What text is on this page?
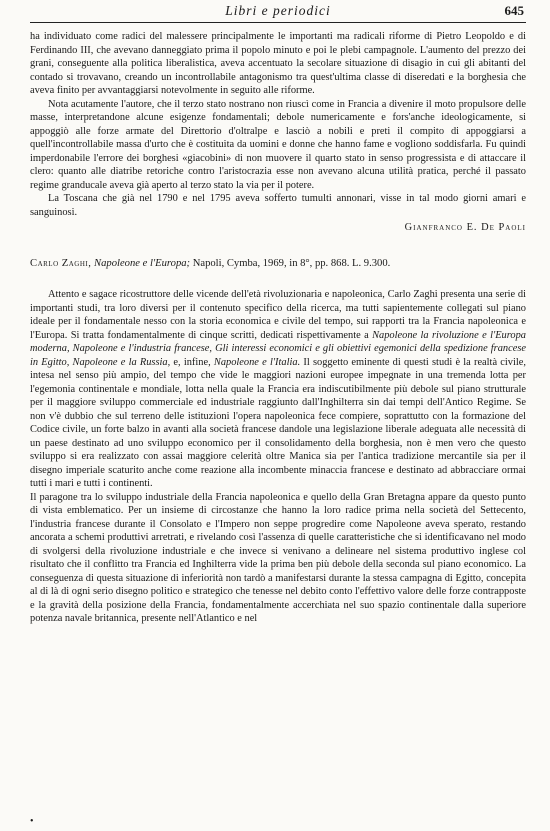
Libri e periodici	645

ha individuato come radici del malessere principalmente le importanti ma radicali riforme di Pietro Leopoldo e di Ferdinando III, che avevano danneggiato prima il popolo minuto e poi le plebi campagnole. L'aumento del prezzo dei grani, conseguente alla politica liberalistica, aveva accentuato la secolare situazione di disagio in cui gli abitanti del contado si trovavano, creando un incontrollabile antagonismo tra quest'ultima classe di diseredati e la borghesia che aveva finito per avvantaggiarsi notevolmente in seguito alle riforme.

Nota acutamente l'autore, che il terzo stato nostrano non riuscì come in Francia a divenire il moto propulsore delle masse, interpretandone alcune esigenze fondamentali; debole numericamente e fors'anche ideologicamente, si appoggiò alle forze armate del Direttorio d'oltralpe e lasciò a nobili e preti il compito di appoggiarsi a quell'incontrollabile massa d'urto che è costituita da uomini e donne che hanno fame e vogliono soddisfarla. Fu quindi imperdonabile l'errore dei borghesi «giacobini» di non muovere il quarto stato in senso progressista e di attaccare il clero: quanto alle diatribe retoriche contro l'aristocrazia esse non avevano alcuna utilità pratica, perché il passato regime granducale aveva già aperto al terzo stato la via per il potere.

La Toscana che già nel 1790 e nel 1795 aveva sofferto tumulti annonari, visse in tal modo giorni amari e sanguinosi.

Gianfranco E. De Paoli
Carlo Zaghi, Napoleone e l'Europa; Napoli, Cymba, 1969, in 8°, pp. 868. L. 9.300.

Attento e sagace ricostruttore delle vicende dell'età rivoluzionaria e napoleonica, Carlo Zaghi presenta una serie di importanti studi, tra loro diversi per il contenuto specifico della ricerca, ma tutti sapientemente collegati sul piano ideale per il fondamentale nesso con la storia economica e civile del tempo, sui rapporti tra la Francia napoleonica e l'Europa. Si tratta fondamentalmente di cinque scritti, dedicati rispettivamente a Napoleone la rivoluzione e l'Europa moderna, Napoleone e l'industria francese, Gli interessi economici e gli obiettivi egemonici della spedizione francese in Egitto, Napoleone e la Russia, e, infine, Napoleone e l'Italia. Il soggetto eminente di questi studi è la realtà civile, intesa nel senso più ampio, del tempo che vide le maggiori nazioni europee impegnate in una tremenda lotta per l'egemonia continentale e mondiale, lotta nella quale la Francia era indiscutibilmente più debole sul piano strutturale per il maggiore sviluppo commerciale ed industriale raggiunto dall'Inghilterra sin dai tempi dell'Antico Regime. Se non v'è dubbio che sul terreno delle istituzioni l'opera napoleonica fece compiere, soprattutto con la formazione del Codice civile, un forte balzo in avanti alla società francese dandole una legislazione liberale adeguata alle necessità di un paese destinato ad uno sviluppo economico per il consolidamento della borghesia, non è men vero che questo sviluppo si era realizzato con assai maggiore celerità oltre Manica sia per l'antica tradizione mercantile sia per il disegno imperiale scaturito anche come reazione alla incombente minaccia francese e destinato ad abbracciare ormai tutti i mari e tutti i continenti.

Il paragone tra lo sviluppo industriale della Francia napoleonica e quello della Gran Bretagna appare da questo punto di vista emblematico. Per un insieme di circostanze che hanno la loro radice prima nella società del Settecento, l'industria francese durante il Consolato e l'Impero non seppe progredire come Napoleone aveva sperato, restando ancorata a schemi produttivi arretrati, e rivelando così l'assenza di quelle caratteristiche che si identificavano nel modo di svolgersi della rivoluzione industriale e che invece si venivano a delineare nel sistema produttivo inglese col risultato che il conflitto tra Francia ed Inghilterra vide la prima ben più debole della seconda sul piano economico. La conseguenza di questa situazione di inferiorità non tardò a manifestarsi durante la stessa campagna di Egitto, concepita al di là di ogni serio disegno politico e strategico che tenesse nel debito conto l'effettivo valore delle forze contrapposte e la gravità della posizione della Francia, fondamentalmente accerchiata nel suo spazio continentale dalla superiore potenza navale britannica, presente nell'Atlantico e nel

•
